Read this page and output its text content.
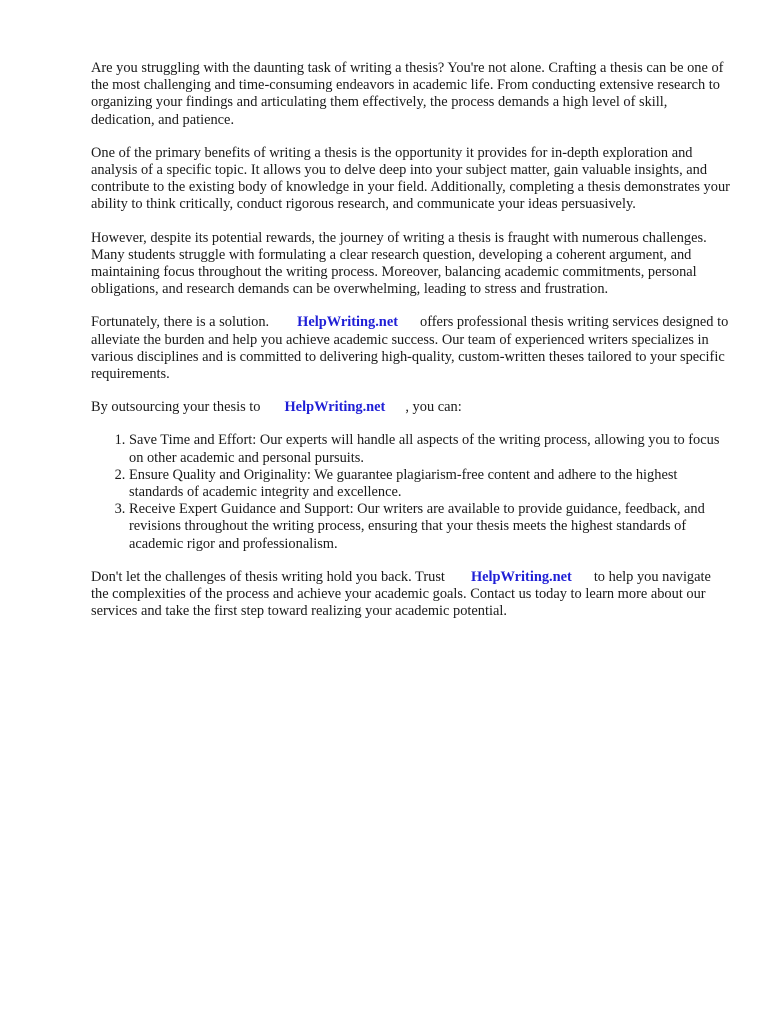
Are you struggling with the daunting task of writing a thesis? You're not alone. Crafting a thesis can be one of the most challenging and time-consuming endeavors in academic life. From conducting extensive research to organizing your findings and articulating them effectively, the process demands a high level of skill, dedication, and patience.

One of the primary benefits of writing a thesis is the opportunity it provides for in-depth exploration and analysis of a specific topic. It allows you to delve deep into your subject matter, gain valuable insights, and contribute to the existing body of knowledge in your field. Additionally, completing a thesis demonstrates your ability to think critically, conduct rigorous research, and communicate your ideas persuasively.

However, despite its potential rewards, the journey of writing a thesis is fraught with numerous challenges. Many students struggle with formulating a clear research question, developing a coherent argument, and maintaining focus throughout the writing process. Moreover, balancing academic commitments, personal obligations, and research demands can be overwhelming, leading to stress and frustration.

Fortunately, there is a solution. HelpWriting.net offers professional thesis writing services designed to alleviate the burden and help you achieve academic success. Our team of experienced writers specializes in various disciplines and is committed to delivering high-quality, custom-written theses tailored to your specific requirements.

By outsourcing your thesis to HelpWriting.net , you can:

1. Save Time and Effort: Our experts will handle all aspects of the writing process, allowing you to focus on other academic and personal pursuits.
2. Ensure Quality and Originality: We guarantee plagiarism-free content and adhere to the highest standards of academic integrity and excellence.
3. Receive Expert Guidance and Support: Our writers are available to provide guidance, feedback, and revisions throughout the writing process, ensuring that your thesis meets the highest standards of academic rigor and professionalism.

Don't let the challenges of thesis writing hold you back. Trust HelpWriting.net to help you navigate the complexities of the process and achieve your academic goals. Contact us today to learn more about our services and take the first step toward realizing your academic potential.
